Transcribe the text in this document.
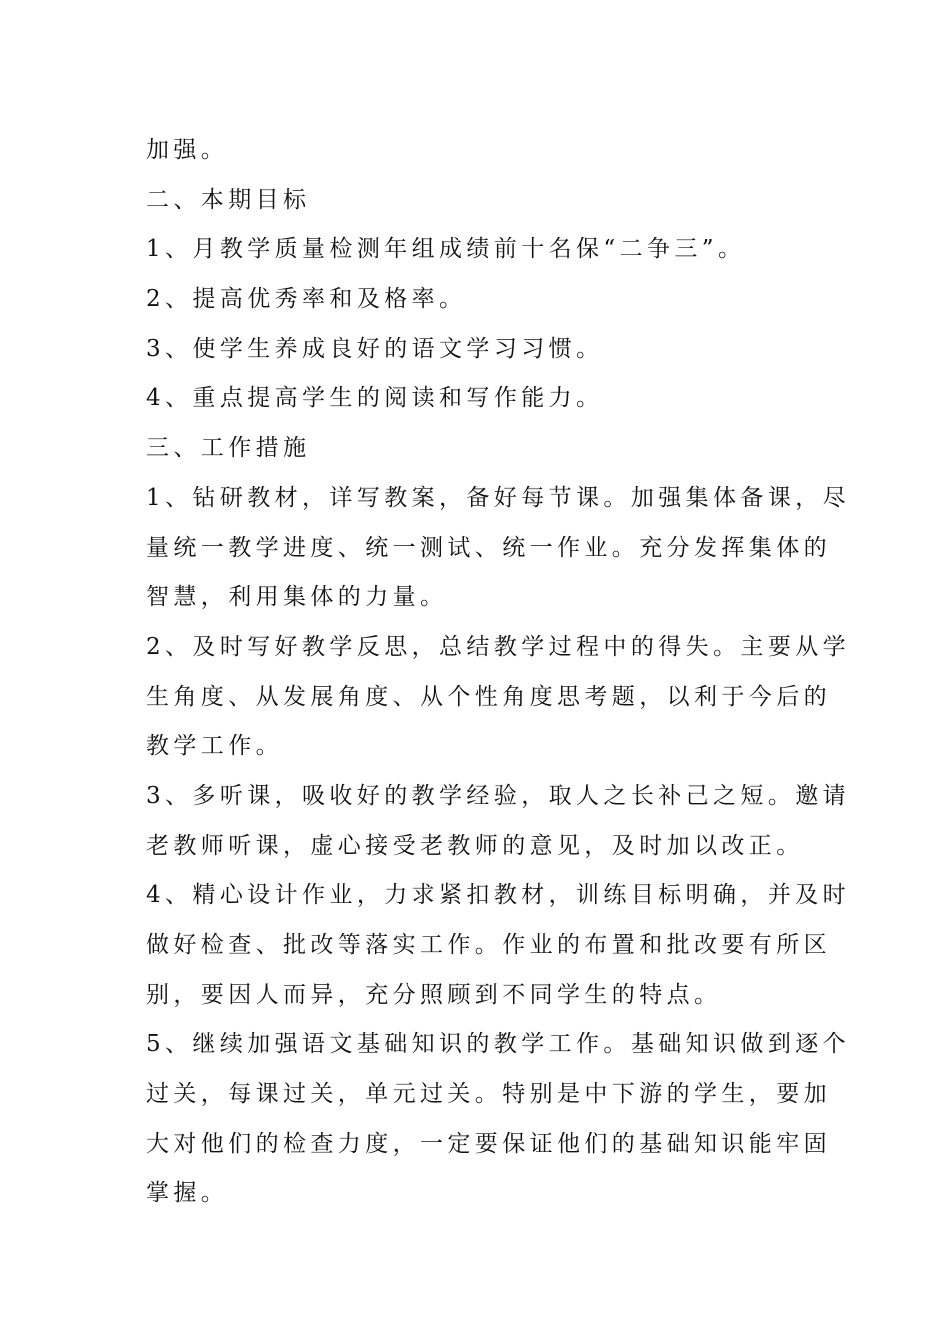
加强。
二、本期目标
1、月教学质量检测年组成绩前十名保“二争三”。
2、提高优秀率和及格率。
3、使学生养成良好的语文学习习惯。
4、重点提高学生的阅读和写作能力。
三、工作措施
1、钻研教材，详写教案，备好每节课。加强集体备课，尽
量统一教学进度、统一测试、统一作业。充分发挥集体的
智慧，利用集体的力量。
2、及时写好教学反思，总结教学过程中的得失。主要从学
生角度、从发展角度、从个性角度思考题，以利于今后的
教学工作。
3、多听课，吸收好的教学经验，取人之长补己之短。邀请
老教师听课，虚心接受老教师的意见，及时加以改正。
4、精心设计作业，力求紧扣教材，训练目标明确，并及时
做好检查、批改等落实工作。作业的布置和批改要有所区
别，要因人而异，充分照顾到不同学生的特点。
5、继续加强语文基础知识的教学工作。基础知识做到逐个
过关，每课过关，单元过关。特别是中下游的学生，要加
大对他们的检查力度，一定要保证他们的基础知识能牢固
掌握。
